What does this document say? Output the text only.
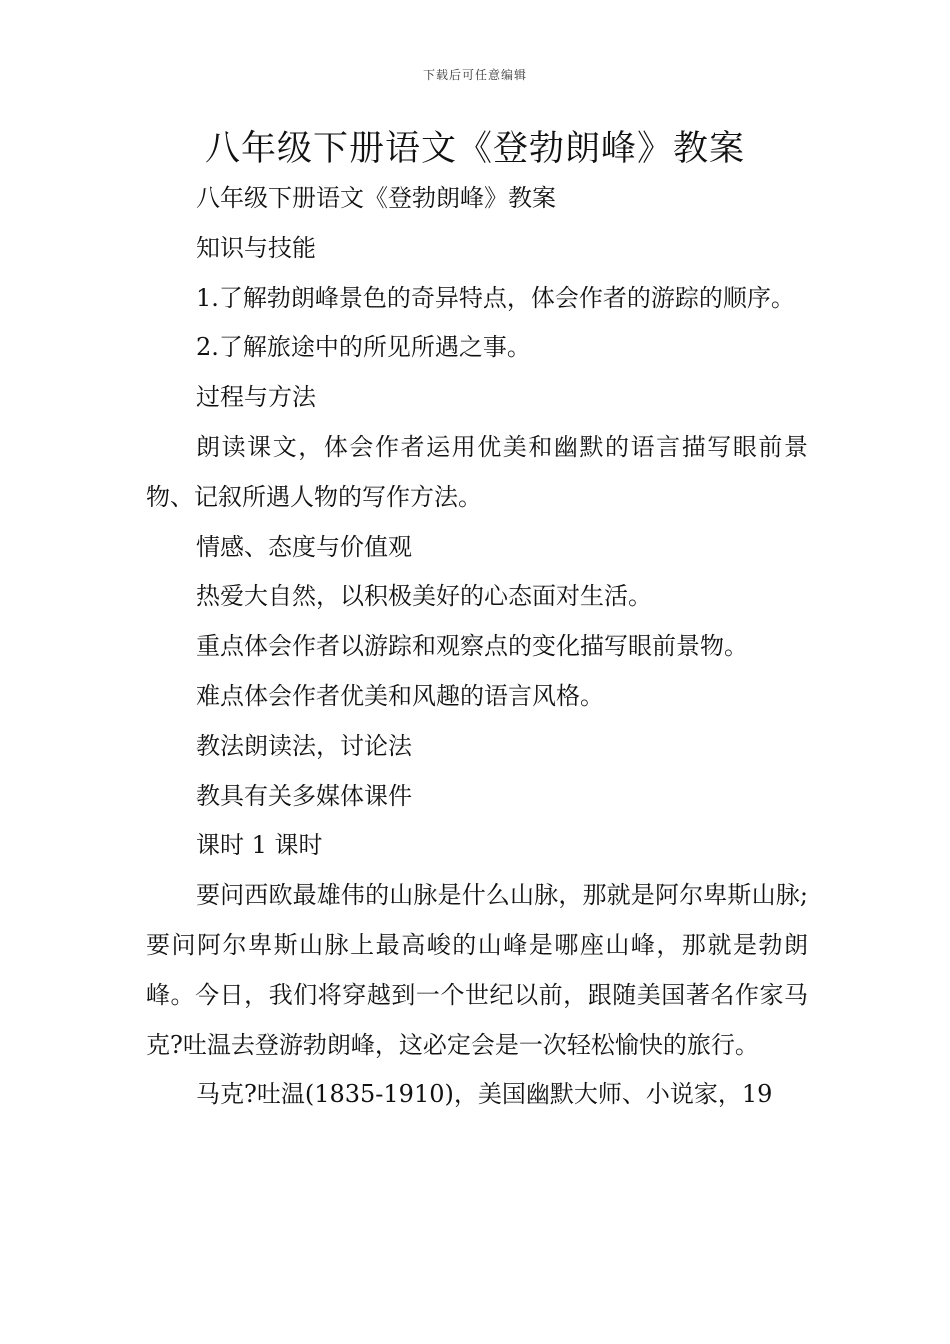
下载后可任意编辑
八年级下册语文《登勃朗峰》教案

八年级下册语文《登勃朗峰》教案

知识与技能

1.了解勃朗峰景色的奇异特点，体会作者的游踪的顺序。

2.了解旅途中的所见所遇之事。

过程与方法

朗读课文，体会作者运用优美和幽默的语言描写眼前景物、记叙所遇人物的写作方法。

情感、态度与价值观

热爱大自然，以积极美好的心态面对生活。

重点体会作者以游踪和观察点的变化描写眼前景物。

难点体会作者优美和风趣的语言风格。

教法朗读法，讨论法

教具有关多媒体课件

课时 1 课时

要问西欧最雄伟的山脉是什么山脉，那就是阿尔卑斯山脉;要问阿尔卑斯山脉上最高峻的山峰是哪座山峰，那就是勃朗峰。今日，我们将穿越到一个世纪以前，跟随美国著名作家马克?吐温去登游勃朗峰，这必定会是一次轻松愉快的旅行。

马克?吐温(1835-1910)，美国幽默大师、小说家，19
